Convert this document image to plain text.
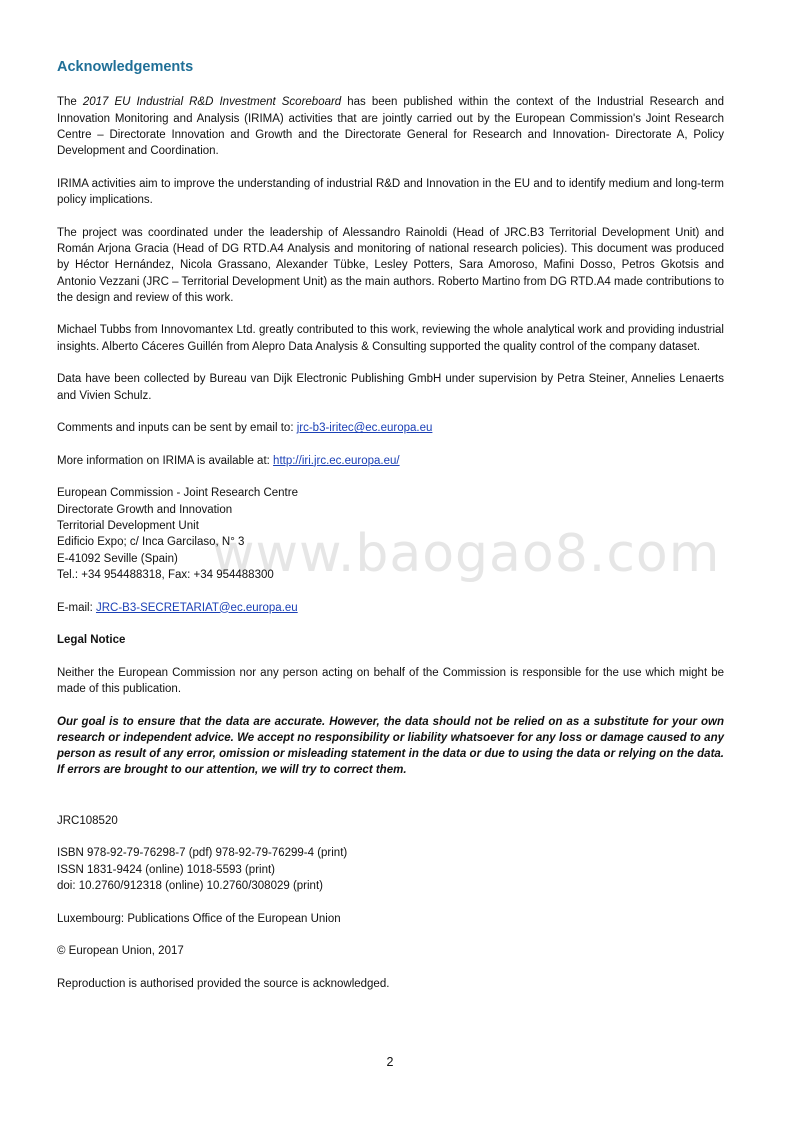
www.baogao8.com
Acknowledgements

The 2017 EU Industrial R&D Investment Scoreboard has been published within the context of the Industrial Research and Innovation Monitoring and Analysis (IRIMA) activities that are jointly carried out by the European Commission's Joint Research Centre – Directorate Innovation and Growth and the Directorate General for Research and Innovation- Directorate A, Policy Development and Coordination.

IRIMA activities aim to improve the understanding of industrial R&D and Innovation in the EU and to identify medium and long-term policy implications.

The project was coordinated under the leadership of Alessandro Rainoldi (Head of JRC.B3 Territorial Development Unit) and Román Arjona Gracia (Head of DG RTD.A4 Analysis and monitoring of national research policies). This document was produced by Héctor Hernández, Nicola Grassano, Alexander Tübke, Lesley Potters, Sara Amoroso, Mafini Dosso, Petros Gkotsis and Antonio Vezzani (JRC – Territorial Development Unit) as the main authors. Roberto Martino from DG RTD.A4 made contributions to the design and review of this work.

Michael Tubbs from Innovomantex Ltd. greatly contributed to this work, reviewing the whole analytical work and providing industrial insights. Alberto Cáceres Guillén from Alepro Data Analysis & Consulting supported the quality control of the company dataset.

Data have been collected by Bureau van Dijk Electronic Publishing GmbH under supervision by Petra Steiner, Annelies Lenaerts and Vivien Schulz.

Comments and inputs can be sent by email to: jrc-b3-iritec@ec.europa.eu

More information on IRIMA is available at: http://iri.jrc.ec.europa.eu/

European Commission - Joint Research Centre

Directorate Growth and Innovation

Territorial Development Unit

Edificio Expo; c/ Inca Garcilaso, N° 3

E-41092 Seville (Spain)

Tel.: +34 954488318, Fax: +34 954488300

E-mail: JRC-B3-SECRETARIAT@ec.europa.eu

Legal Notice

Neither the European Commission nor any person acting on behalf of the Commission is responsible for the use which might be made of this publication.

Our goal is to ensure that the data are accurate. However, the data should not be relied on as a substitute for your own research or independent advice. We accept no responsibility or liability whatsoever for any loss or damage caused to any person as result of any error, omission or misleading statement in the data or due to using the data or relying on the data. If errors are brought to our attention, we will try to correct them.

JRC108520

ISBN 978-92-79-76298-7 (pdf) 978-92-79-76299-4 (print)

ISSN 1831-9424 (online) 1018-5593 (print)

doi: 10.2760/912318 (online) 10.2760/308029 (print)

Luxembourg: Publications Office of the European Union

© European Union, 2017

Reproduction is authorised provided the source is acknowledged.

2
